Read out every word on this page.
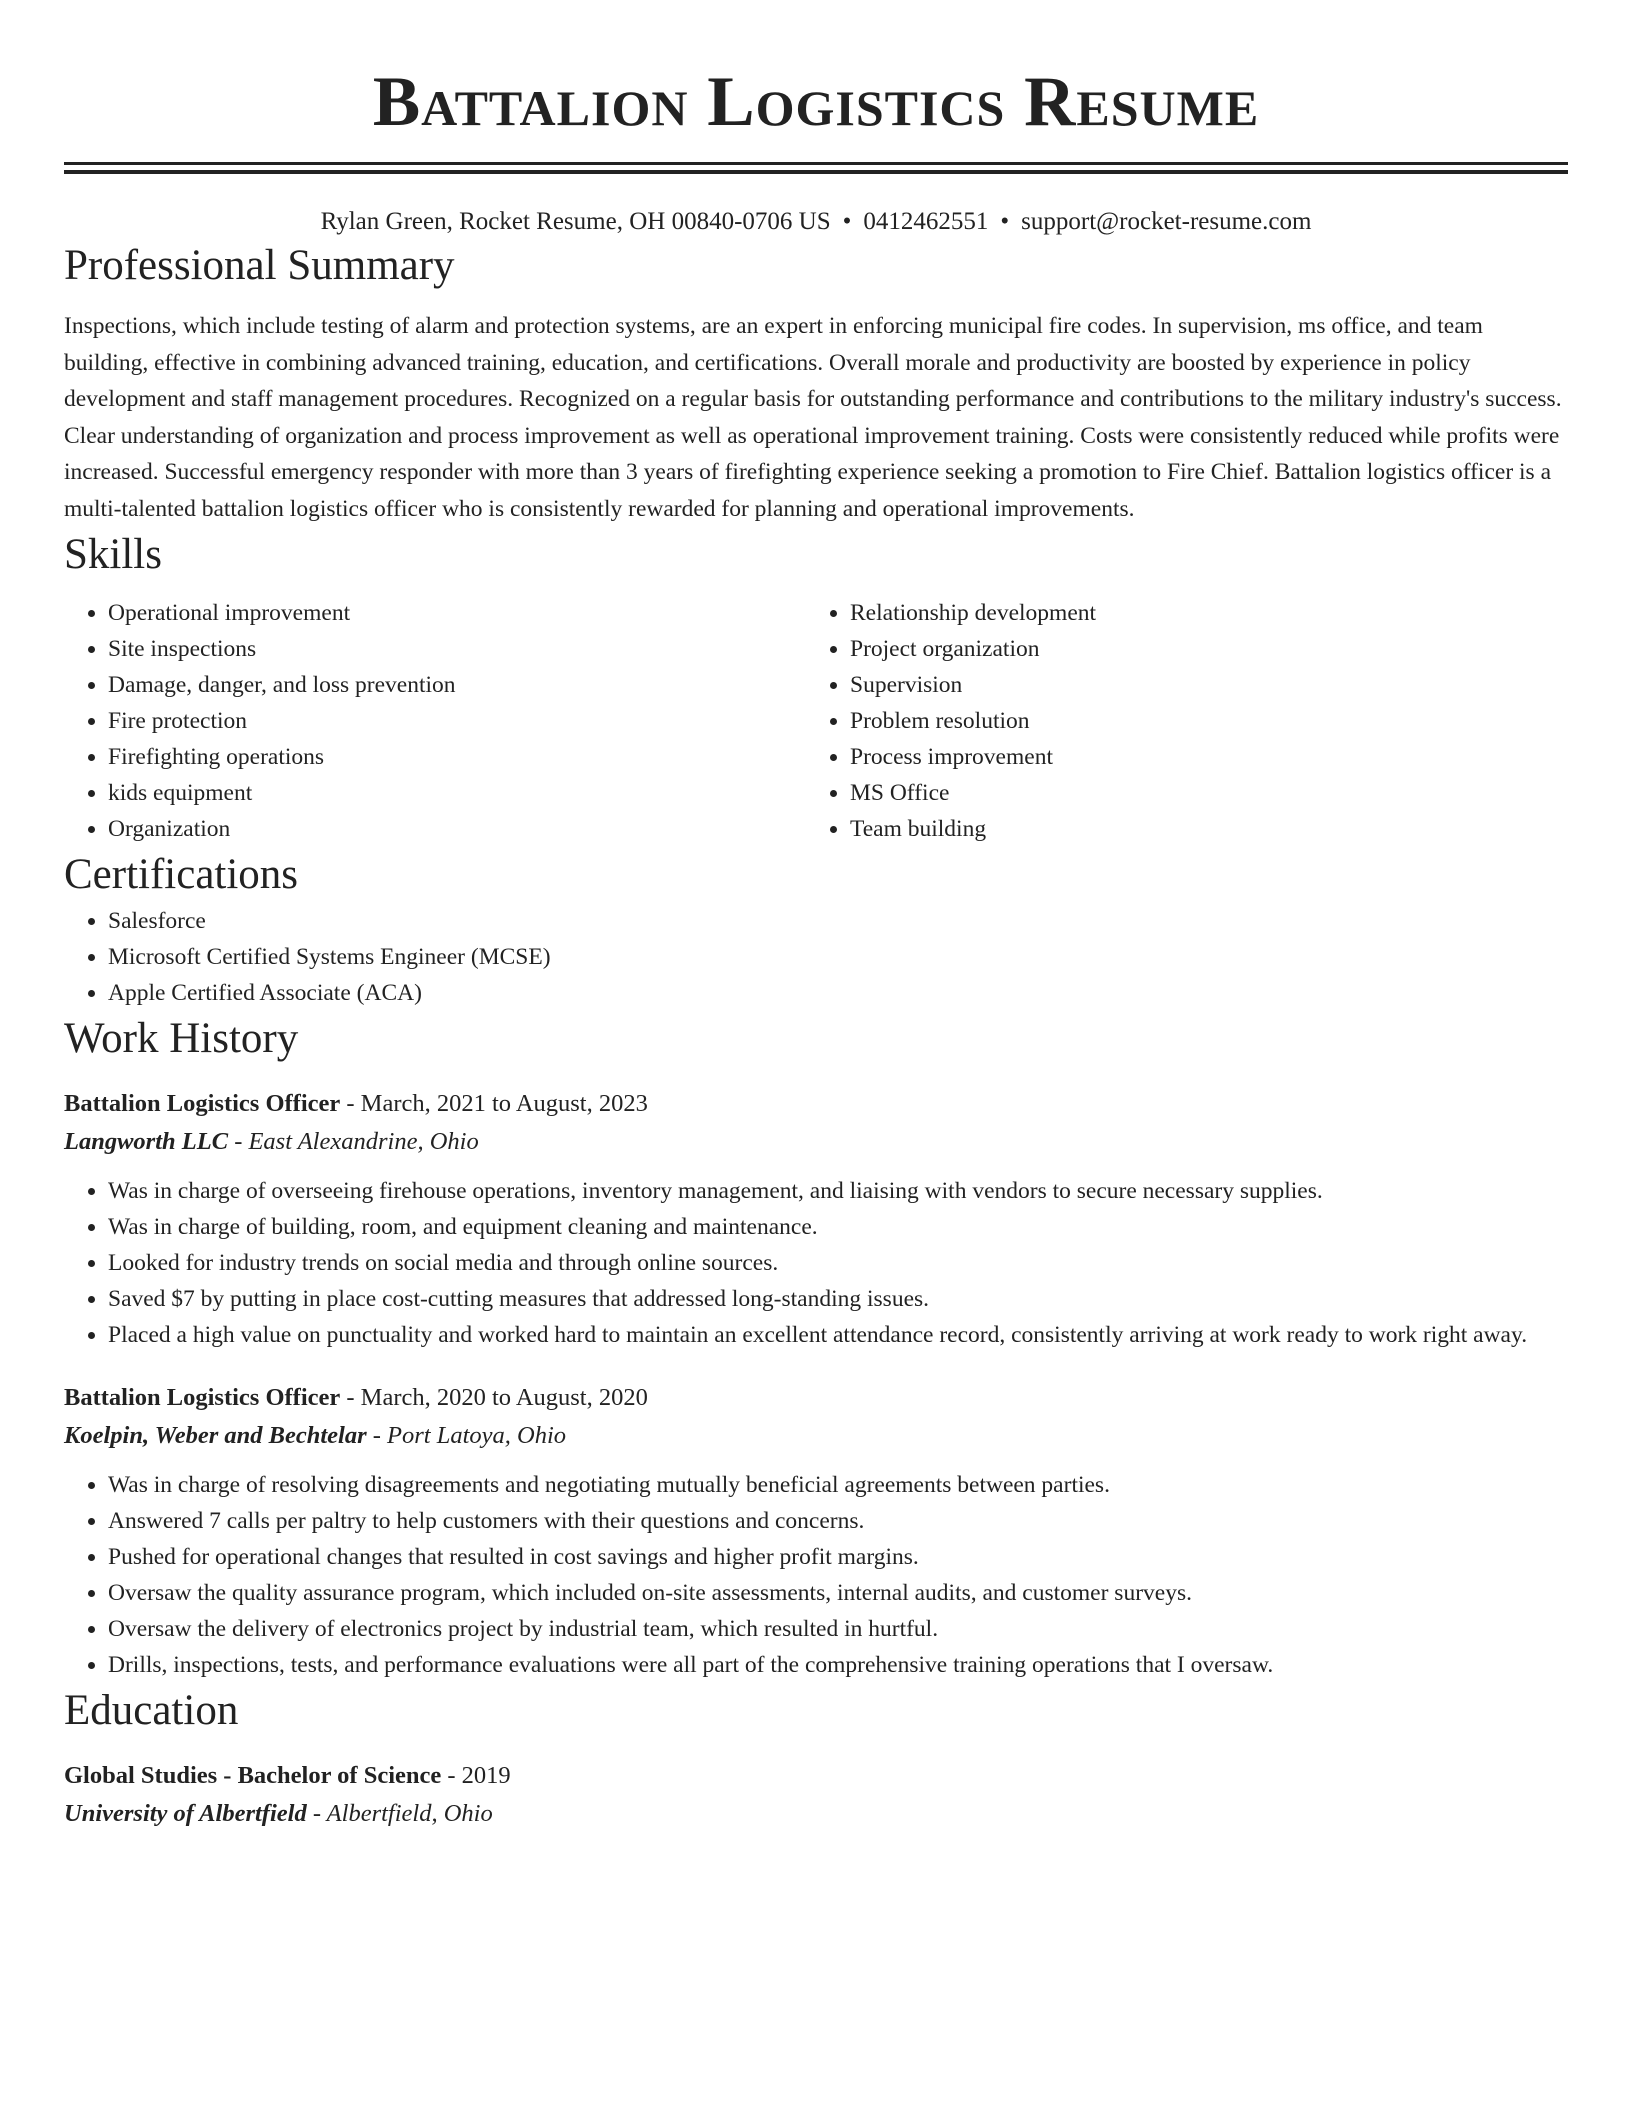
Battalion Logistics Resume
Rylan Green, Rocket Resume, OH 00840-0706 US • 0412462551 • support@rocket-resume.com
Professional Summary
Inspections, which include testing of alarm and protection systems, are an expert in enforcing municipal fire codes. In supervision, ms office, and team building, effective in combining advanced training, education, and certifications. Overall morale and productivity are boosted by experience in policy development and staff management procedures. Recognized on a regular basis for outstanding performance and contributions to the military industry's success. Clear understanding of organization and process improvement as well as operational improvement training. Costs were consistently reduced while profits were increased. Successful emergency responder with more than 3 years of firefighting experience seeking a promotion to Fire Chief. Battalion logistics officer is a multi-talented battalion logistics officer who is consistently rewarded for planning and operational improvements.
Skills
• Operational improvement
• Site inspections
• Damage, danger, and loss prevention
• Fire protection
• Firefighting operations
• kids equipment
• Organization
• Relationship development
• Project organization
• Supervision
• Problem resolution
• Process improvement
• MS Office
• Team building
Certifications
• Salesforce
• Microsoft Certified Systems Engineer (MCSE)
• Apple Certified Associate (ACA)
Work History
Battalion Logistics Officer - March, 2021 to August, 2023
Langworth LLC - East Alexandrine, Ohio
• Was in charge of overseeing firehouse operations, inventory management, and liaising with vendors to secure necessary supplies.
• Was in charge of building, room, and equipment cleaning and maintenance.
• Looked for industry trends on social media and through online sources.
• Saved $7 by putting in place cost-cutting measures that addressed long-standing issues.
• Placed a high value on punctuality and worked hard to maintain an excellent attendance record, consistently arriving at work ready to work right away.
Battalion Logistics Officer - March, 2020 to August, 2020
Koelpin, Weber and Bechtelar - Port Latoya, Ohio
• Was in charge of resolving disagreements and negotiating mutually beneficial agreements between parties.
• Answered 7 calls per paltry to help customers with their questions and concerns.
• Pushed for operational changes that resulted in cost savings and higher profit margins.
• Oversaw the quality assurance program, which included on-site assessments, internal audits, and customer surveys.
• Oversaw the delivery of electronics project by industrial team, which resulted in hurtful.
• Drills, inspections, tests, and performance evaluations were all part of the comprehensive training operations that I oversaw.
Education
Global Studies - Bachelor of Science - 2019
University of Albertfield - Albertfield, Ohio
